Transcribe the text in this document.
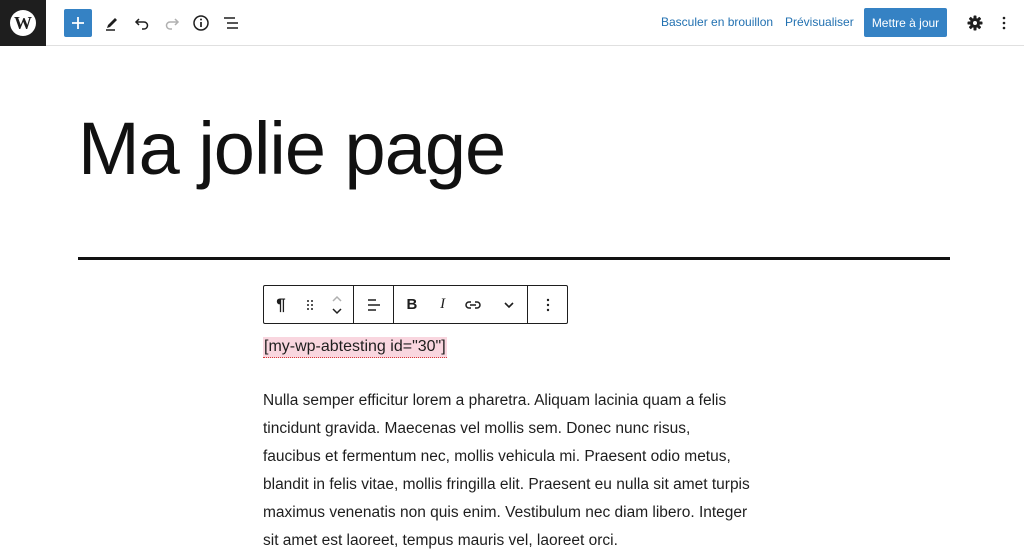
W	Basculer en brouillon Prévisualiser	Mettre à jour
Ma jolie page
¶	B	I
[my-wp-abtesting id="30"]
Nulla semper efficitur lorem a pharetra. Aliquam lacinia quam a felis
tincidunt gravida. Maecenas vel mollis sem. Donec nunc risus,
faucibus et fermentum nec, mollis vehicula mi. Praesent odio metus,
blandit in felis vitae, mollis fringilla elit. Praesent eu nulla sit amet turpis
maximus venenatis non quis enim. Vestibulum nec diam libero. Integer
sit amet est laoreet, tempus mauris vel, laoreet orci.
